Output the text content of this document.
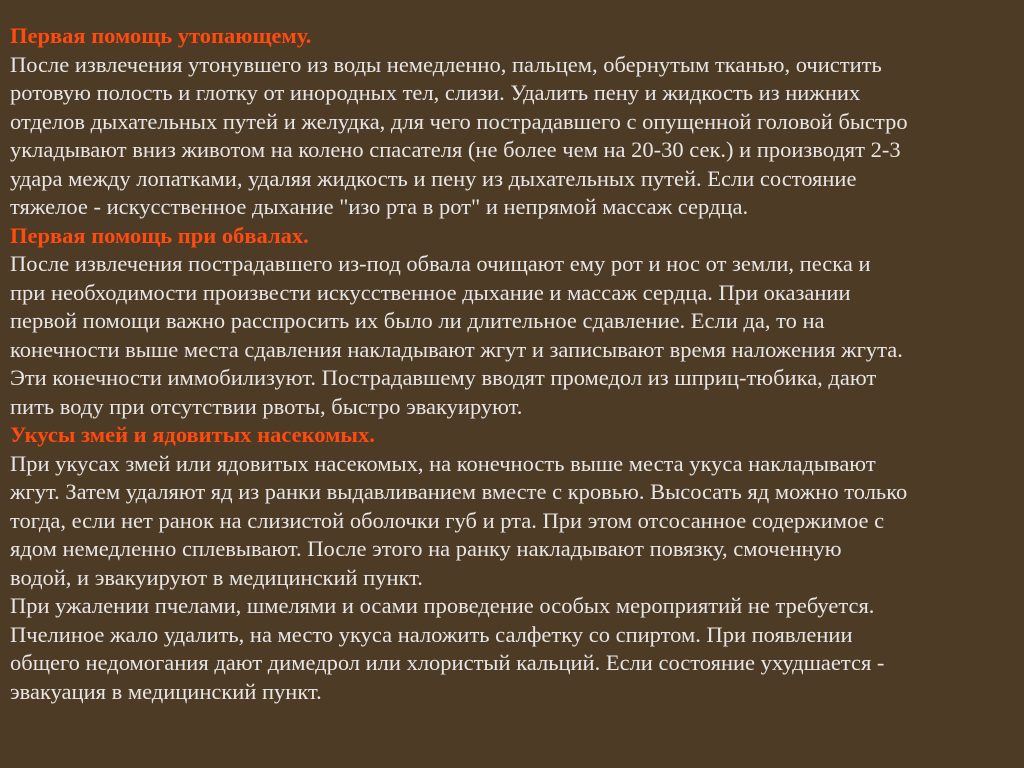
Первая помощь утопающему.

После извлечения утонувшего из воды немедленно, пальцем, обернутым тканью, очистить

ротовую полость и глотку от инородных тел, слизи. Удалить пену и жидкость из нижних

отделов дыхательных путей и желудка, для чего пострадавшего с опущенной головой быстро

укладывают вниз животом на колено спасателя (не более чем на 20-30 сек.) и производят 2-3

удара между лопатками, удаляя жидкость и пену из дыхательных путей. Если состояние

тяжелое - искусственное дыхание "изо рта в рот" и непрямой массаж сердца.

Первая помощь при обвалах.

После извлечения пострадавшего из-под обвала очищают ему рот и нос от земли, песка и

при необходимости произвести искусственное дыхание и массаж сердца. При оказании

первой помощи важно расспросить их было ли длительное сдавление. Если да, то на

конечности выше места сдавления накладывают жгут и записывают время наложения жгута.

Эти конечности иммобилизуют. Пострадавшему вводят промедол из шприц-тюбика, дают

пить воду при отсутствии рвоты, быстро эвакуируют.

Укусы змей и ядовитых насекомых.

При укусах змей или ядовитых насекомых, на конечность выше места укуса накладывают

жгут. Затем удаляют яд из ранки выдавливанием вместе с кровью. Высосать яд можно только

тогда, если нет ранок на слизистой оболочки губ и рта. При этом отсосанное содержимое с

ядом немедленно сплевывают. После этого на ранку накладывают повязку, смоченную

водой, и эвакуируют в медицинский пункт.

При ужалении пчелами, шмелями и осами проведение особых мероприятий не требуется.

Пчелиное жало удалить, на место укуса наложить салфетку со спиртом. При появлении

общего недомогания дают димедрол или хлористый кальций. Если состояние ухудшается -

эвакуация в медицинский пункт.
